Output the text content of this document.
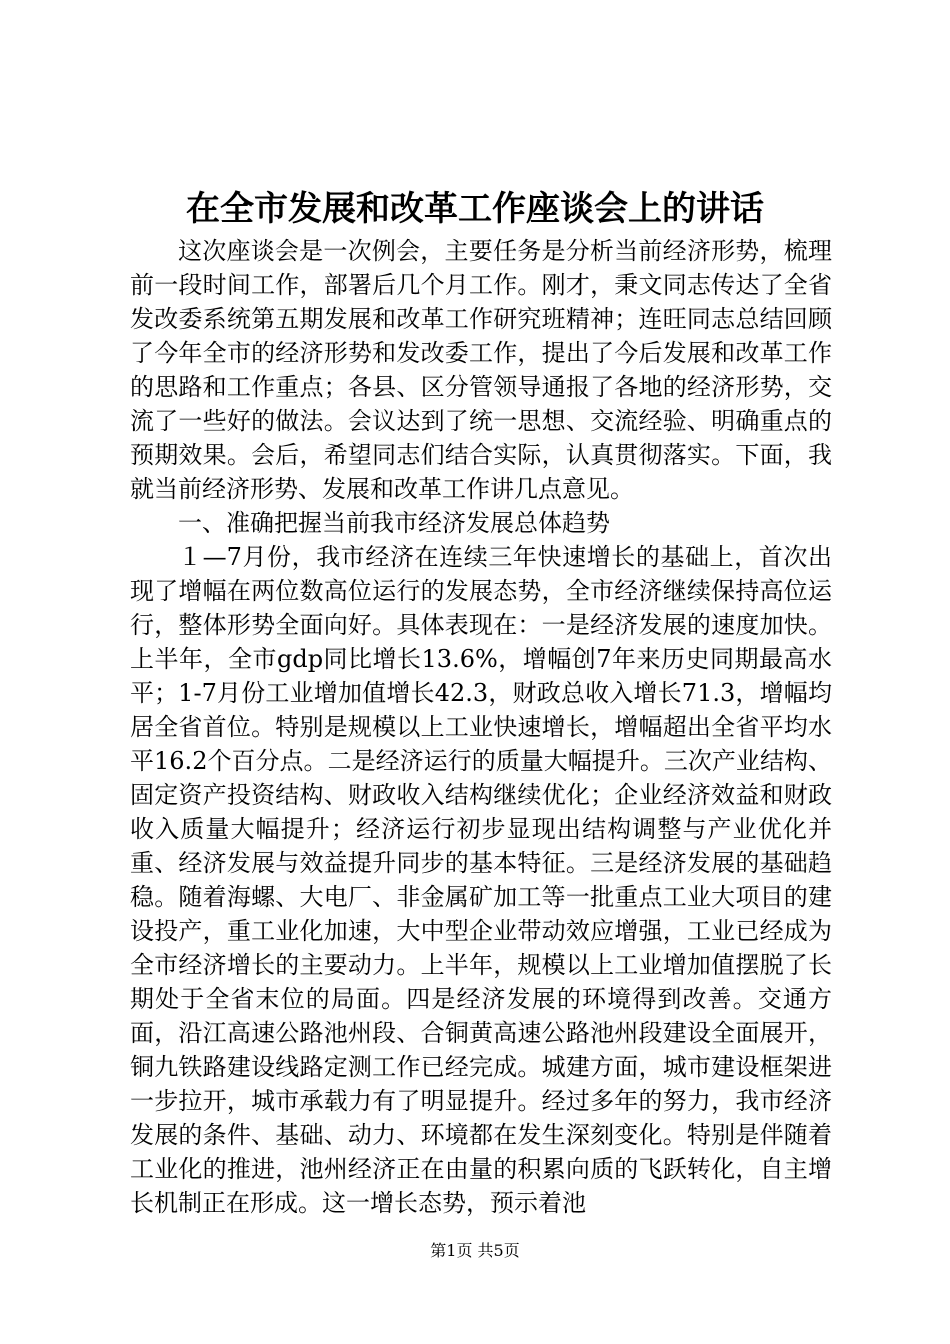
在全市发展和改革工作座谈会上的讲话

这次座谈会是一次例会，主要任务是分析当前经济形势，梳理前一段时间工作，部署后几个月工作。刚才，秉文同志传达了全省发改委系统第五期发展和改革工作研究班精神；连旺同志总结回顾了今年全市的经济形势和发改委工作，提出了今后发展和改革工作的思路和工作重点；各县、区分管领导通报了各地的经济形势，交流了一些好的做法。会议达到了统一思想、交流经验、明确重点的预期效果。会后，希望同志们结合实际，认真贯彻落实。下面，我就当前经济形势、发展和改革工作讲几点意见。

一、准确把握当前我市经济发展总体趋势

１—7月份，我市经济在连续三年快速增长的基础上，首次出现了增幅在两位数高位运行的发展态势，全市经济继续保持高位运行，整体形势全面向好。具体表现在：一是经济发展的速度加快。上半年，全市gdp同比增长13.6%，增幅创7年来历史同期最高水平；1-7月份工业增加值增长42.3，财政总收入增长71.3，增幅均居全省首位。特别是规模以上工业快速增长，增幅超出全省平均水平16.2个百分点。二是经济运行的质量大幅提升。三次产业结构、固定资产投资结构、财政收入结构继续优化；企业经济效益和财政收入质量大幅提升；经济运行初步显现出结构调整与产业优化并重、经济发展与效益提升同步的基本特征。三是经济发展的基础趋稳。随着海螺、大电厂、非金属矿加工等一批重点工业大项目的建设投产，重工业化加速，大中型企业带动效应增强，工业已经成为全市经济增长的主要动力。上半年，规模以上工业增加值摆脱了长期处于全省末位的局面。四是经济发展的环境得到改善。交通方面，沿江高速公路池州段、合铜黄高速公路池州段建设全面展开，铜九铁路建设线路定测工作已经完成。城建方面，城市建设框架进一步拉开，城市承载力有了明显提升。经过多年的努力，我市经济发展的条件、基础、动力、环境都在发生深刻变化。特别是伴随着工业化的推进，池州经济正在由量的积累向质的飞跃转化，自主增长机制正在形成。这一增长态势，预示着池

第1页 共5页
